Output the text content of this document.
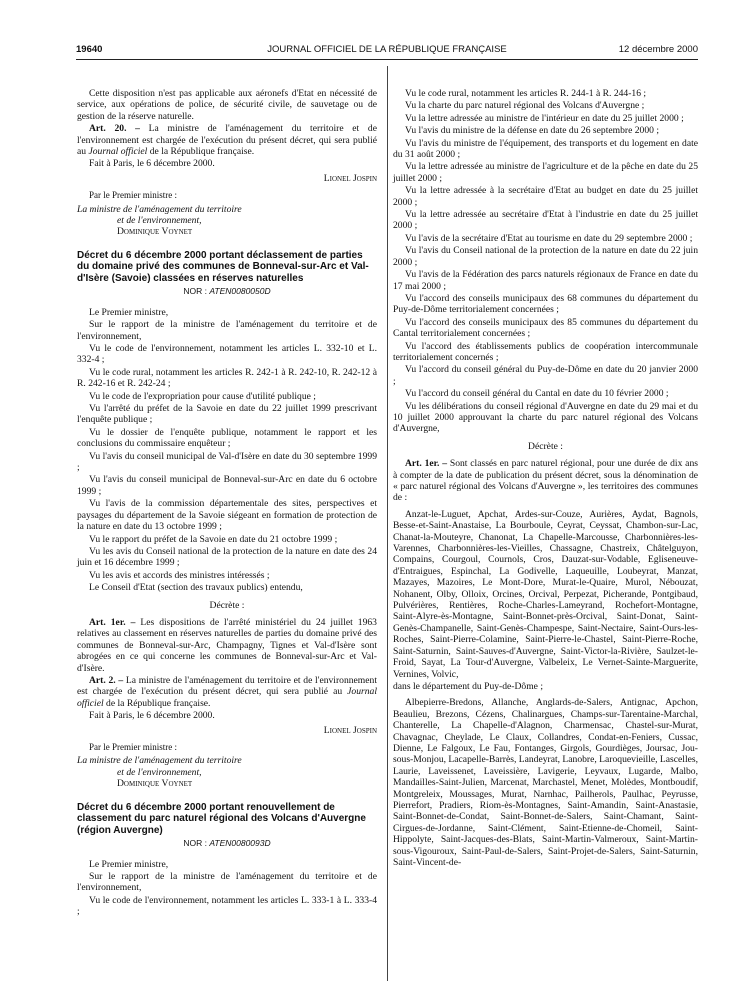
19640	JOURNAL OFFICIEL DE LA RÉPUBLIQUE FRANÇAISE	12 décembre 2000

Cette disposition n'est pas applicable aux aéronefs d'Etat en nécessité de service, aux opérations de police, de sécurité civile, de sauvetage ou de gestion de la réserve naturelle.

Art. 20. – La ministre de l'aménagement du territoire et de l'environnement est chargée de l'exécution du présent décret, qui sera publié au Journal officiel de la République française.

Fait à Paris, le 6 décembre 2000.

Lionel Jospin
Par le Premier ministre :
La ministre de l'aménagement du territoire
et de l'environnement,
Dominique Voynet
Décret du 6 décembre 2000 portant déclassement de parties du domaine privé des communes de Bonneval-sur-Arc et Val-d'Isère (Savoie) classées en réserves naturelles
NOR : ATEN0080050D

Le Premier ministre,

Sur le rapport de la ministre de l'aménagement du territoire et de l'environnement,

Vu le code de l'environnement, notamment les articles L. 332-10 et L. 332-4 ;

Vu le code rural, notamment les articles R. 242-1 à R. 242-10, R. 242-12 à R. 242-16 et R. 242-24 ;

Vu le code de l'expropriation pour cause d'utilité publique ;

Vu l'arrêté du préfet de la Savoie en date du 22 juillet 1999 prescrivant l'enquête publique ;

Vu le dossier de l'enquête publique, notamment le rapport et les conclusions du commissaire enquêteur ;

Vu l'avis du conseil municipal de Val-d'Isère en date du 30 septembre 1999 ;

Vu l'avis du conseil municipal de Bonneval-sur-Arc en date du 6 octobre 1999 ;

Vu l'avis de la commission départementale des sites, perspectives et paysages du département de la Savoie siégeant en formation de protection de la nature en date du 13 octobre 1999 ;

Vu le rapport du préfet de la Savoie en date du 21 octobre 1999 ;

Vu les avis du Conseil national de la protection de la nature en date des 24 juin et 16 décembre 1999 ;

Vu les avis et accords des ministres intéressés ;

Le Conseil d'Etat (section des travaux publics) entendu,

Décrète :

Art. 1er. – Les dispositions de l'arrêté ministériel du 24 juillet 1963 relatives au classement en réserves naturelles de parties du domaine privé des communes de Bonneval-sur-Arc, Champagny, Tignes et Val-d'Isère sont abrogées en ce qui concerne les communes de Bonneval-sur-Arc et Val-d'Isère.

Art. 2. – La ministre de l'aménagement du territoire et de l'environnement est chargée de l'exécution du présent décret, qui sera publié au Journal officiel de la République française.

Fait à Paris, le 6 décembre 2000.

Lionel Jospin
Par le Premier ministre :
La ministre de l'aménagement du territoire
et de l'environnement,
Dominique Voynet
Décret du 6 décembre 2000 portant renouvellement de classement du parc naturel régional des Volcans d'Auvergne (région Auvergne)
NOR : ATEN0080093D

Le Premier ministre,

Sur le rapport de la ministre de l'aménagement du territoire et de l'environnement,

Vu le code de l'environnement, notamment les articles L. 333-1 à L. 333-4 ;

Vu le code rural, notamment les articles R. 244-1 à R. 244-16 ;

Vu la charte du parc naturel régional des Volcans d'Auvergne ;

Vu la lettre adressée au ministre de l'intérieur en date du 25 juillet 2000 ;

Vu l'avis du ministre de la défense en date du 26 septembre 2000 ;

Vu l'avis du ministre de l'équipement, des transports et du logement en date du 31 août 2000 ;

Vu la lettre adressée au ministre de l'agriculture et de la pêche en date du 25 juillet 2000 ;

Vu la lettre adressée à la secrétaire d'Etat au budget en date du 25 juillet 2000 ;

Vu la lettre adressée au secrétaire d'Etat à l'industrie en date du 25 juillet 2000 ;

Vu l'avis de la secrétaire d'Etat au tourisme en date du 29 septembre 2000 ;

Vu l'avis du Conseil national de la protection de la nature en date du 22 juin 2000 ;

Vu l'avis de la Fédération des parcs naturels régionaux de France en date du 17 mai 2000 ;

Vu l'accord des conseils municipaux des 68 communes du département du Puy-de-Dôme territorialement concernées ;

Vu l'accord des conseils municipaux des 85 communes du département du Cantal territorialement concernées ;

Vu l'accord des établissements publics de coopération intercommunale territorialement concernés ;

Vu l'accord du conseil général du Puy-de-Dôme en date du 20 janvier 2000 ;

Vu l'accord du conseil général du Cantal en date du 10 février 2000 ;

Vu les délibérations du conseil régional d'Auvergne en date du 29 mai et du 10 juillet 2000 approuvant la charte du parc naturel régional des Volcans d'Auvergne,

Décrète :

Art. 1er. – Sont classés en parc naturel régional, pour une durée de dix ans à compter de la date de publication du présent décret, sous la dénomination de « parc naturel régional des Volcans d'Auvergne », les territoires des communes de :

Anzat-le-Luguet, Apchat, Ardes-sur-Couze, Aurières, Aydat, Bagnols, Besse-et-Saint-Anastaise, La Bourboule, Ceyrat, Ceyssat, Chambon-sur-Lac, Chanat-la-Mouteyre, Chanonat, La Chapelle-Marcousse, Charbonnières-les-Varennes, Charbonnières-les-Vieilles, Chassagne, Chastreix, Châtelguyon, Compains, Courgoul, Cournols, Cros, Dauzat-sur-Vodable, Egliseneuve-d'Entraigues, Espinchal, La Godivelle, Laqueuille, Loubeyrat, Manzat, Mazayes, Mazoires, Le Mont-Dore, Murat-le-Quaire, Murol, Nébouzat, Nohanent, Olby, Olloix, Orcines, Orcival, Perpezat, Picherande, Pontgibaud, Pulvérières, Rentières, Roche-Charles-Lameyrand, Rochefort-Montagne, Saint-Alyre-ès-Montagne, Saint-Bonnet-près-Orcival, Saint-Donat, Saint-Genès-Champanelle, Saint-Genès-Champespe, Saint-Nectaire, Saint-Ours-les-Roches, Saint-Pierre-Colamine, Saint-Pierre-le-Chastel, Saint-Pierre-Roche, Saint-Saturnin, Saint-Sauves-d'Auvergne, Saint-Victor-la-Rivière, Saulzet-le-Froid, Sayat, La Tour-d'Auvergne, Valbeleix, Le Vernet-Sainte-Marguerite, Vernines, Volvic,

dans le département du Puy-de-Dôme ;

Albepierre-Bredons, Allanche, Anglards-de-Salers, Antignac, Apchon, Beaulieu, Brezons, Cézens, Chalinargues, Champs-sur-Tarentaine-Marchal, Chanterelle, La Chapelle-d'Alagnon, Charmensac, Chastel-sur-Murat, Chavagnac, Cheylade, Le Claux, Collandres, Condat-en-Feniers, Cussac, Dienne, Le Falgoux, Le Fau, Fontanges, Girgols, Gourdièges, Joursac, Jou-sous-Monjou, Lacapelle-Barrès, Landeyrat, Lanobre, Laroquevieille, Lascelles, Laurie, Laveissenet, Laveissière, Lavigerie, Leyvaux, Lugarde, Malbo, Mandailles-Saint-Julien, Marcenat, Marchastel, Menet, Molèdes, Montboudif, Montgreleix, Moussages, Murat, Narnhac, Pailherols, Paulhac, Peyrusse, Pierrefort, Pradiers, Riom-ès-Montagnes, Saint-Amandin, Saint-Anastasie, Saint-Bonnet-de-Condat, Saint-Bonnet-de-Salers, Saint-Chamant, Saint-Cirgues-de-Jordanne, Saint-Clément, Saint-Etienne-de-Chomeil, Saint-Hippolyte, Saint-Jacques-des-Blats, Saint-Martin-Valmeroux, Saint-Martin-sous-Vigouroux, Saint-Paul-de-Salers, Saint-Projet-de-Salers, Saint-Saturnin, Saint-Vincent-de-
